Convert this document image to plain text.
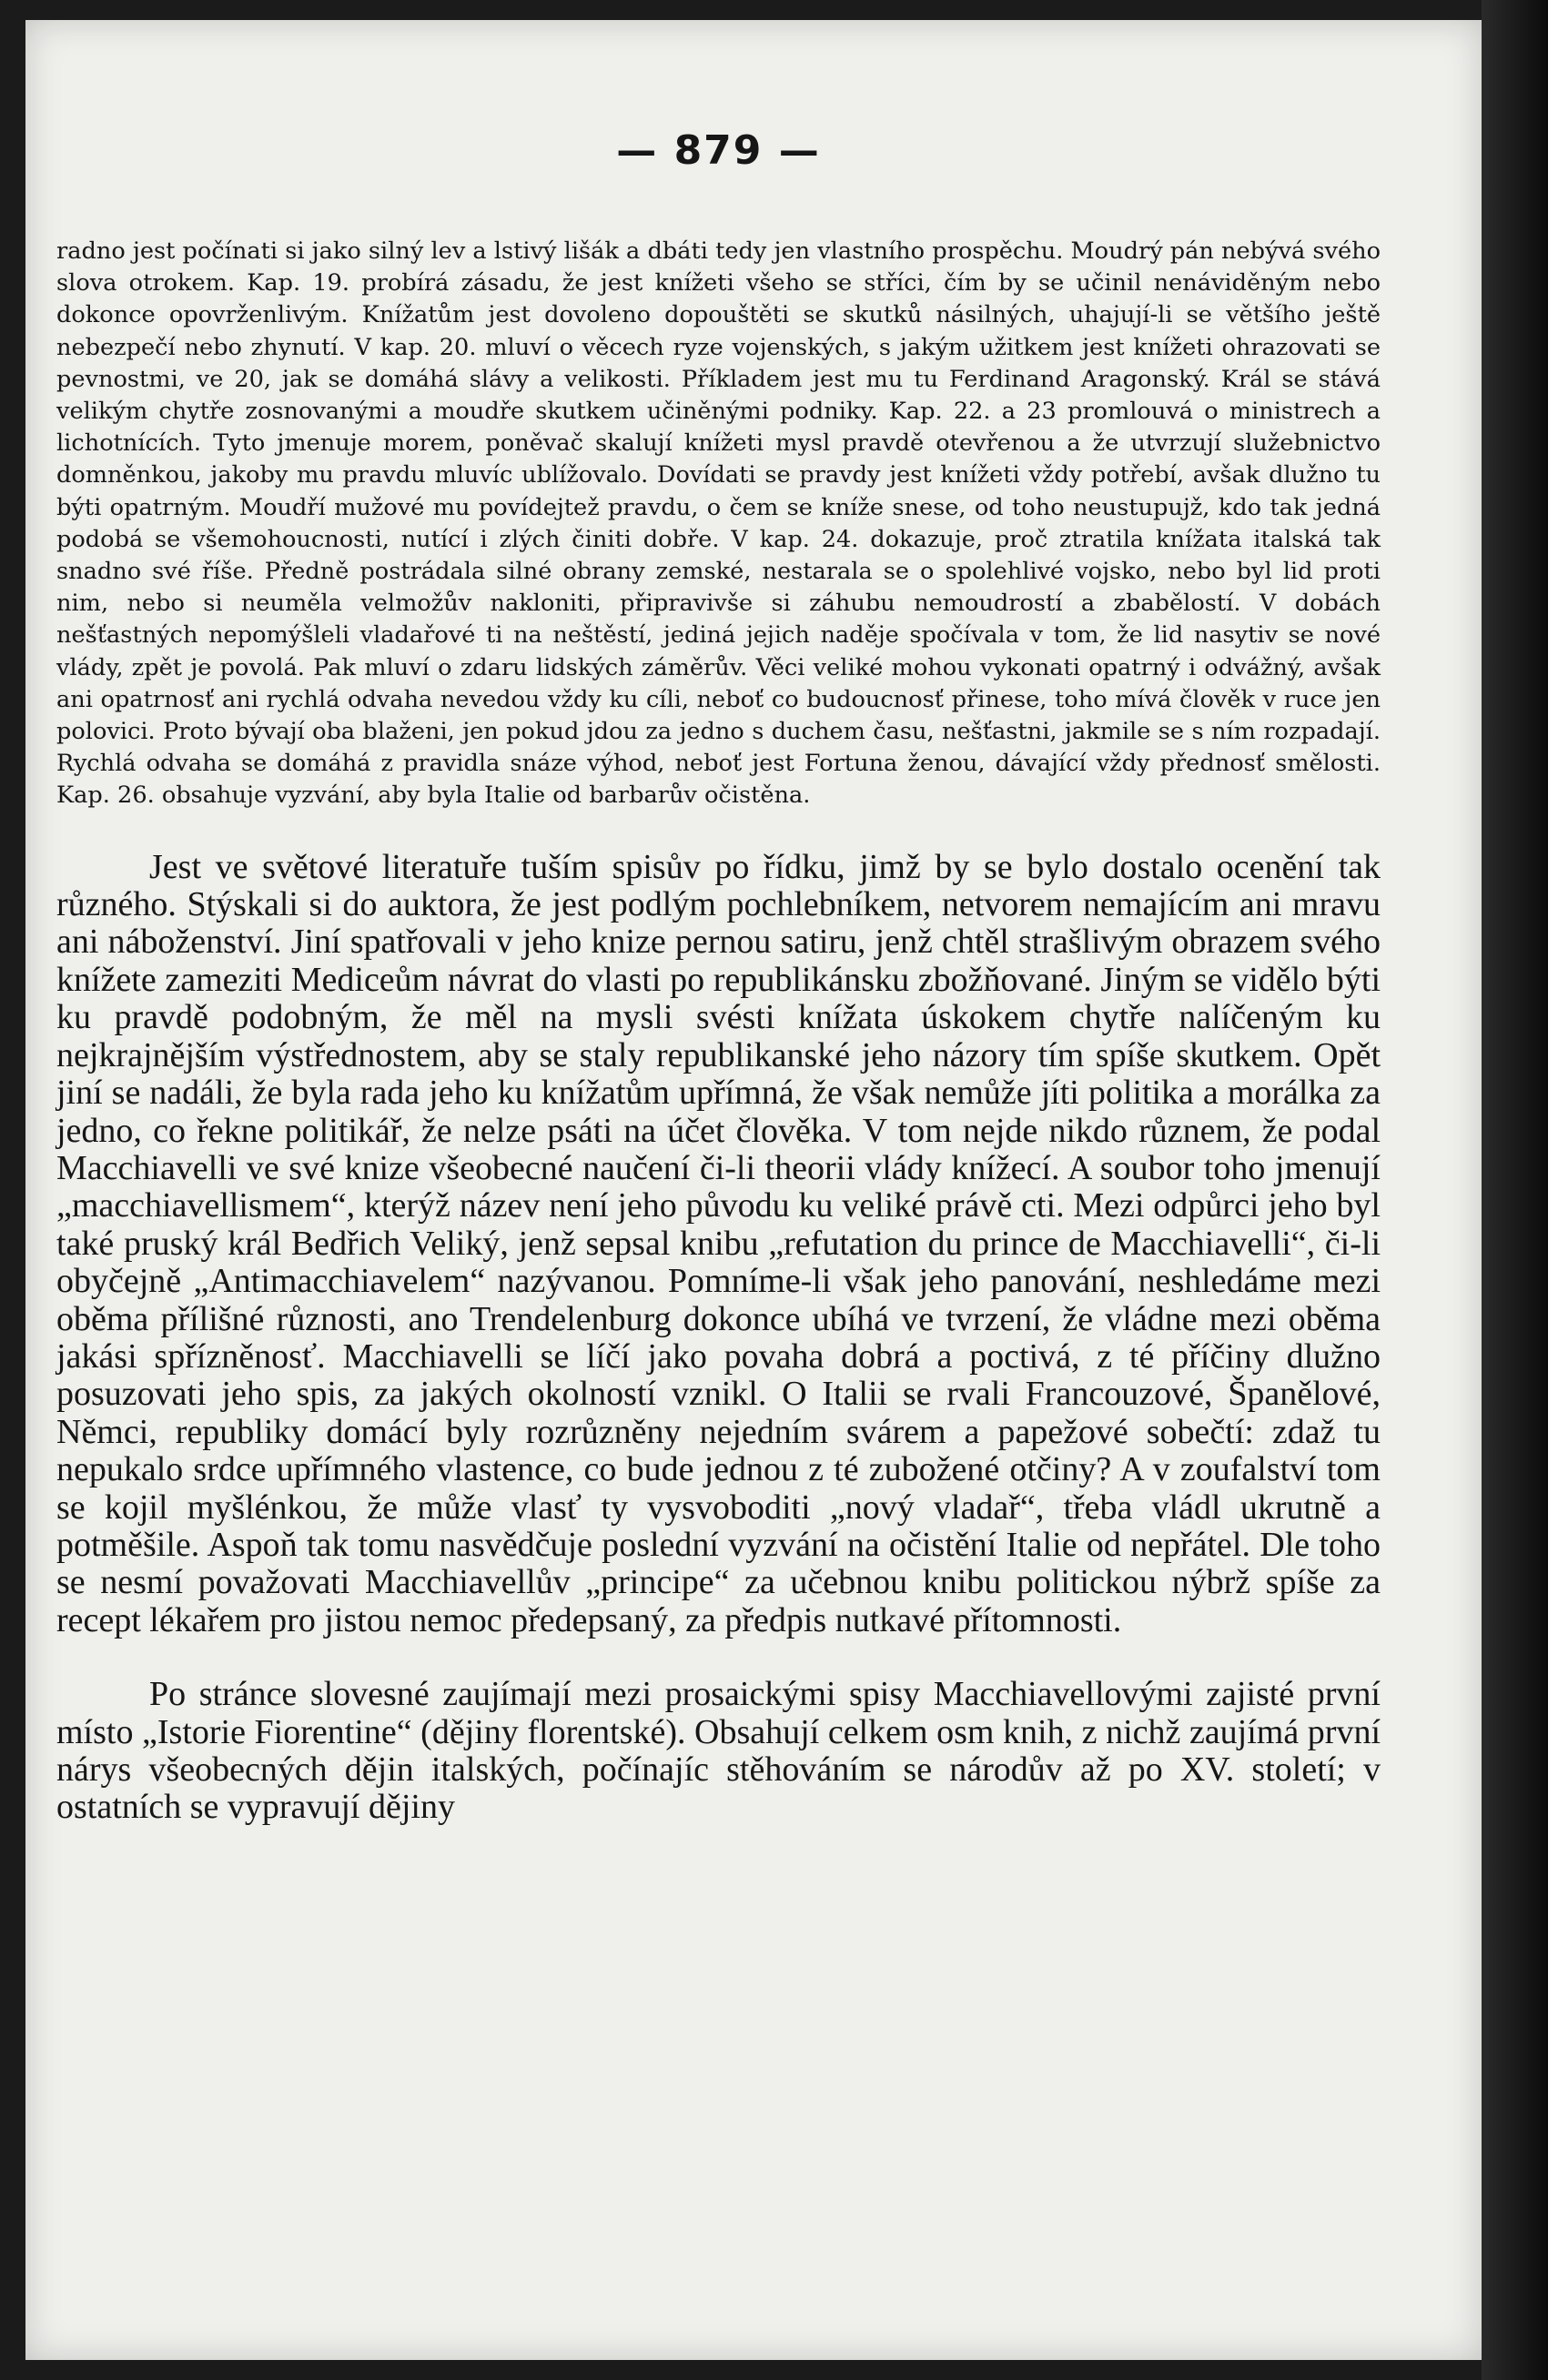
— 879 —

radno jest počínati si jako silný lev a lstivý lišák a dbáti tedy jen vlastního prospěchu. Moudrý pán nebývá svého slova otrokem. Kap. 19. probírá zásadu, že jest knížeti všeho se stříci, čím by se učinil nenáviděným nebo dokonce opovrženlivým. Knížatům jest dovoleno dopouštěti se skutků násilných, uhajují-li se většího ještě nebezpečí nebo zhynutí. V kap. 20. mluví o věcech ryze vojenských, s jakým užitkem jest knížeti ohrazovati se pevnostmi, ve 20, jak se domáhá slávy a velikosti. Příkladem jest mu tu Ferdinand Aragonský. Král se stává velikým chytře zosnovanými a moudře skutkem učiněnými podniky. Kap. 22. a 23 promlouvá o ministrech a lichotnících. Tyto jmenuje morem, poněvač skalují knížeti mysl pravdě otevřenou a že utvrzují služebnictvo domněnkou, jakoby mu pravdu mluvíc ublížovalo. Dovídati se pravdy jest knížeti vždy potřebí, avšak dlužno tu býti opatrným. Moudří mužové mu povídejtež pravdu, o čem se kníže snese, od toho neustupujž, kdo tak jedná podobá se všemohoucnosti, nutící i zlých činiti dobře. V kap. 24. dokazuje, proč ztratila knížata italská tak snadno své říše. Předně postrádala silné obrany zemské, nestarala se o spolehlivé vojsko, nebo byl lid proti nim, nebo si neuměla velmožův nakloniti, připravivše si záhubu nemoudrostí a zbabělostí. V dobách nešťastných nepomýšleli vladařové ti na neštěstí, jediná jejich naděje spočívala v tom, že lid nasytiv se nové vlády, zpět je povolá. Pak mluví o zdaru lidských záměrův. Věci veliké mohou vykonati opatrný i odvážný, avšak ani opatrnosť ani rychlá odvaha nevedou vždy ku cíli, neboť co budoucnosť přinese, toho mívá člověk v ruce jen polovici. Proto bývají oba blaženi, jen pokud jdou za jedno s duchem času, nešťastni, jakmile se s ním rozpadají. Rychlá odvaha se domáhá z pravidla snáze výhod, neboť jest Fortuna ženou, dávající vždy přednosť smělosti. Kap. 26. obsahuje vyzvání, aby byla Italie od barbarův očistěna.

Jest ve světové literatuře tuším spisův po řídku, jimž by se bylo dostalo ocenění tak různého. Stýskali si do auktora, že jest podlým pochlebníkem, netvorem nemajícím ani mravu ani náboženství. Jiní spatřovali v jeho knize pernou satiru, jenž chtěl strašlivým obrazem svého knížete zameziti Mediceům návrat do vlasti po republikánsku zbožňované. Jiným se vidělo býti ku pravdě podobným, že měl na mysli svésti knížata úskokem chytře nalíčeným ku nejkrajnějším výstřednostem, aby se staly republikanské jeho názory tím spíše skutkem. Opět jiní se nadáli, že byla rada jeho ku knížatům upřímná, že však nemůže jíti politika a morálka za jedno, co řekne politikář, že nelze psáti na účet člověka. V tom nejde nikdo různem, že podal Macchiavelli ve své knize všeobecné naučení či-li theorii vlády knížecí. A soubor toho jmenují „macchiavellismem“, kterýž název není jeho původu ku veliké právě cti. Mezi odpůrci jeho byl také pruský král Bedřich Veliký, jenž sepsal knibu „refutation du prince de Macchiavelli“, či-li obyčejně „Antimacchiavelem“ nazývanou. Pomníme-li však jeho panování, neshledáme mezi oběma přílišné různosti, ano Trendelenburg dokonce ubíhá ve tvrzení, že vládne mezi oběma jakási spřízněnosť. Macchiavelli se líčí jako povaha dobrá a poctivá, z té příčiny dlužno posuzovati jeho spis, za jakých okolností vznikl. O Italii se rvali Francouzové, Španělové, Němci, republiky domácí byly rozrůzněny nejedním svárem a papežové sobečtí: zdaž tu nepukalo srdce upřímného vlastence, co bude jednou z té zubožené otčiny? A v zoufalství tom se kojil myšlénkou, že může vlasť ty vysvoboditi „nový vladař“, třeba vládl ukrutně a potměšile. Aspoň tak tomu nasvědčuje poslední vyzvání na očistění Italie od nepřátel. Dle toho se nesmí považovati Macchiavellův „principe“ za učebnou knibu politickou nýbrž spíše za recept lékařem pro jistou nemoc předepsaný, za předpis nutkavé přítomnosti.

Po stránce slovesné zaujímají mezi prosaickými spisy Macchiavellovými zajisté první místo „Istorie Fiorentine“ (dějiny florentské). Obsahují celkem osm knih, z nichž zaujímá první nárys všeobecných dějin italských, počínajíc stěhováním se národův až po XV. století; v ostatních se vypravují dějiny
